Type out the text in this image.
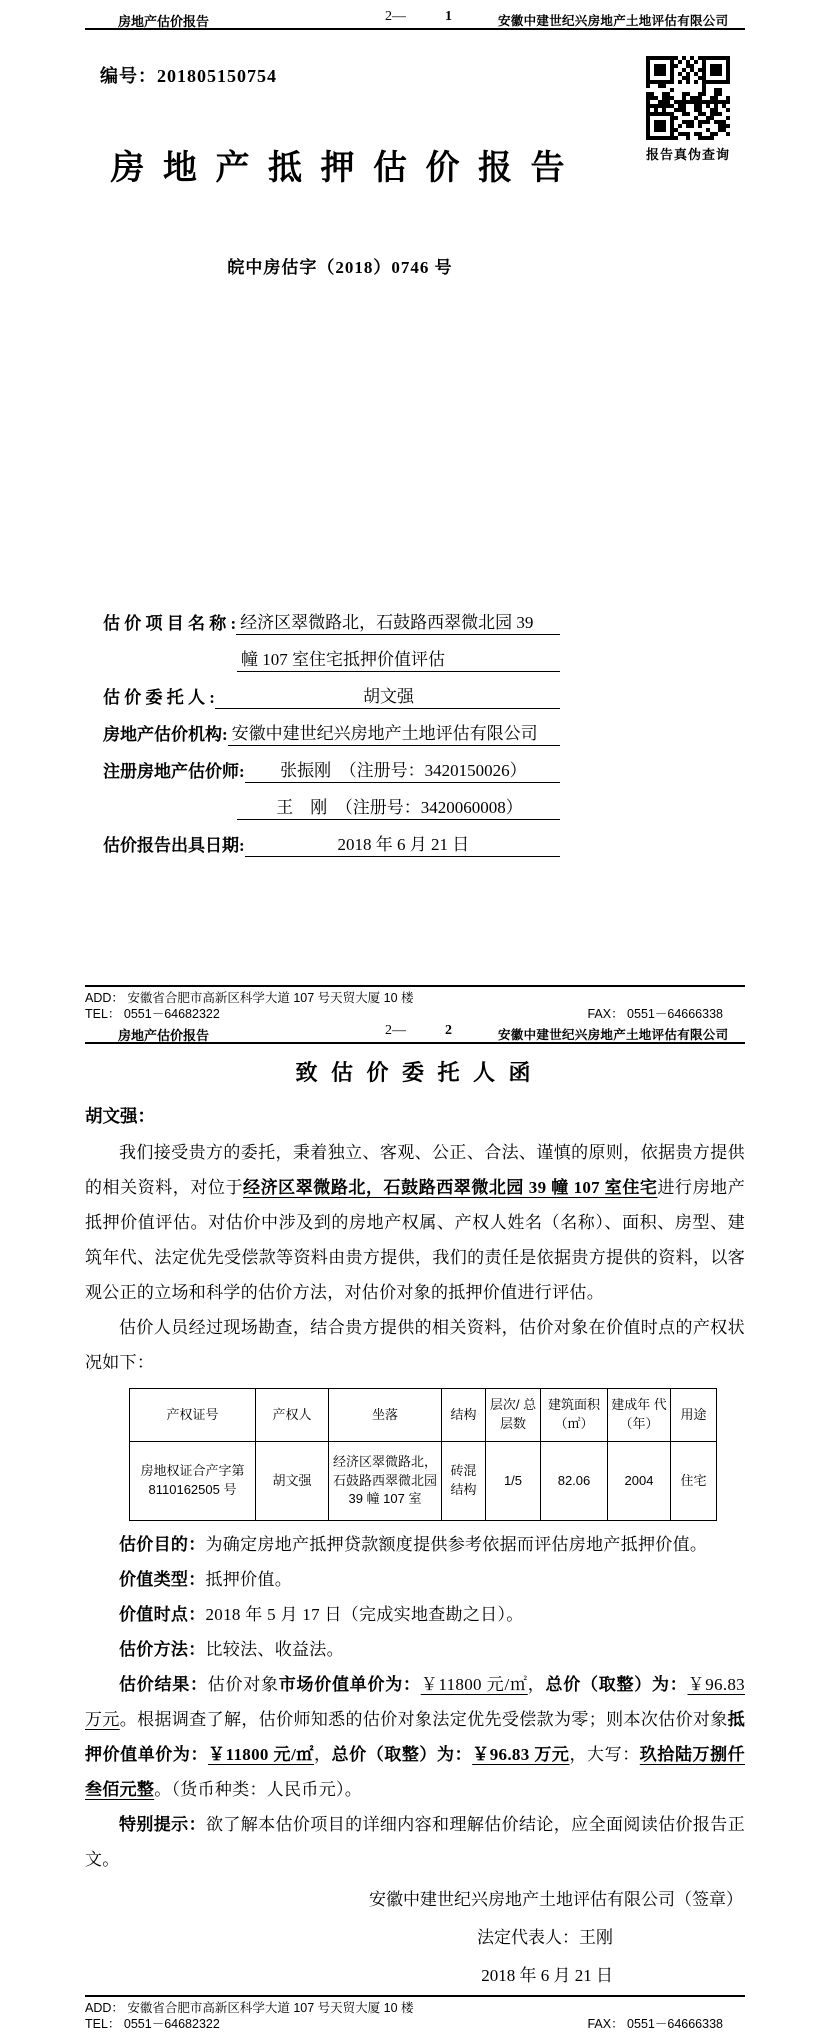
房地产估价报告	2—	1	安徽中建世纪兴房地产土地评估有限公司
编号：201805150754
报告真伪查询
房 地 产 抵 押 估 价 报 告
皖中房估字（2018）0746 号
估 价 项 目 名 称 : 经济区翠微路北，石鼓路西翠微北园 39
幢 107 室住宅抵押价值评估
估 价 委 托 人 :	胡文强
房地产估价机构: 安徽中建世纪兴房地产土地评估有限公司
注册房地产估价师:	张振刚　（注册号：3420150026）
王　刚　（注册号：3420060008）
估价报告出具日期:	2018 年 6 月 21 日
ADD： 安徽省合肥市高新区科学大道 107 号天贸大厦 10 楼
TEL： 0551－64682322	FAX： 0551－64666338
房地产估价报告	2—	2	安徽中建世纪兴房地产土地评估有限公司
致 估 价 委 托 人 函
胡文强：

我们接受贵方的委托，秉着独立、客观、公正、合法、谨慎的原则，依据贵方提供的相关资料，对位于经济区翠微路北，石鼓路西翠微北园 39 幢 107 室住宅进行房地产抵押价值评估。对估价中涉及到的房地产权属、产权人姓名（名称）、面积、房型、建筑年代、法定优先受偿款等资料由贵方提供，我们的责任是依据贵方提供的资料，以客观公正的立场和科学的估价方法，对估价对象的抵押价值进行评估。

估价人员经过现场勘查，结合贵方提供的相关资料，估价对象在价值时点的产权状况如下：

产权证号	产权人	坐落	结构	层次/ 总层数	建筑面积 （㎡）	建成年 代（年）	用途
房地权证合产字第 8110162505 号	胡文强	经济区翠微路北， 石鼓路西翠微北园 39 幢 107 室	砖混 结构	1/5	82.06	2004	住宅

估价目的：为确定房地产抵押贷款额度提供参考依据而评估房地产抵押价值。

价值类型：抵押价值。

价值时点：2018 年 5 月 17 日（完成实地查勘之日）。

估价方法：比较法、收益法。

估价结果：估价对象市场价值单价为：￥11800 元/㎡，总价（取整）为：￥96.83 万元。根据调查了解，估价师知悉的估价对象法定优先受偿款为零；则本次估价对象抵押价值单价为：￥11800 元/㎡，总价（取整）为：￥96.83 万元，大写：玖拾陆万捌仟叁佰元整。（货币种类：人民币元）。

特别提示：欲了解本估价项目的详细内容和理解估价结论，应全面阅读估价报告正文。

安徽中建世纪兴房地产土地评估有限公司（签章）
法定代表人：王刚
2018 年 6 月 21 日
ADD： 安徽省合肥市高新区科学大道 107 号天贸大厦 10 楼
TEL： 0551－64682322	FAX： 0551－64666338
